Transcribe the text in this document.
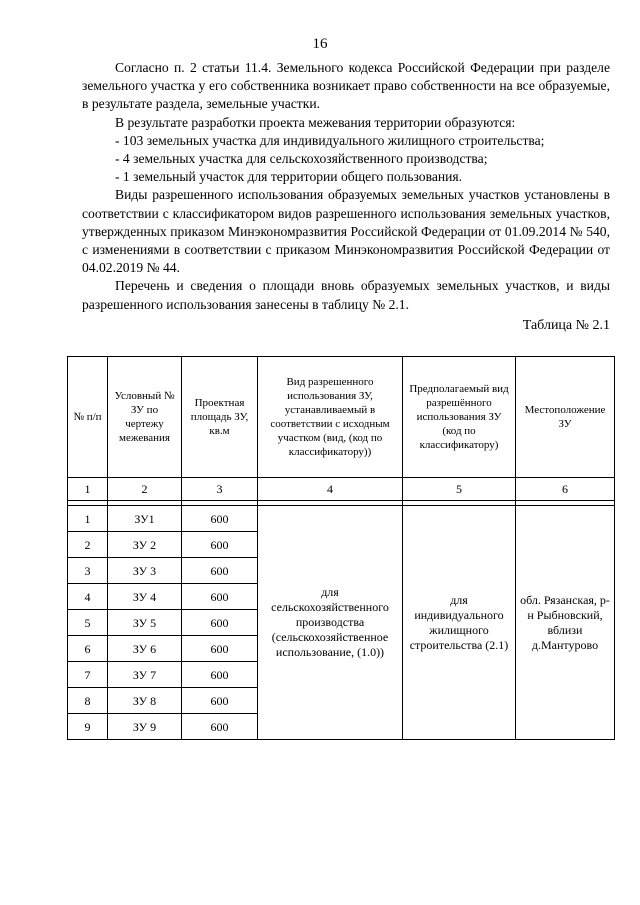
16

Согласно п. 2 статьи 11.4. Земельного кодекса Российской Федерации при разделе земельного участка у его собственника возникает право собственности на все образуемые, в результате раздела, земельные участки.

В результате разработки проекта межевания территории образуются:

- 103 земельных участка для индивидуального жилищного строительства;

- 4 земельных участка для сельскохозяйственного производства;

- 1 земельный участок для территории общего пользования.

Виды разрешенного использования образуемых земельных участков установлены в соответствии с классификатором видов разрешенного использования земельных участков, утвержденных приказом Минэкономразвития Российской Федерации от 01.09.2014 № 540, с изменениями в соответствии с приказом Минэкономразвития Российской Федерации от 04.02.2019 № 44.

Перечень и сведения о площади вновь образуемых земельных участков, и виды разрешенного использования занесены в таблицу № 2.1.

Таблица № 2.1
№ п/п	Условный № ЗУ по чертежу межевания	Проектная площадь ЗУ, кв.м	Вид разрешенного использования ЗУ, устанавливаемый в соответствии с исходным участком (вид, (код по классификатору))	Предполагаемый вид разрешённого использования ЗУ (код по классификатору)	Местоположение ЗУ
1	2	3	4	5	6

1	ЗУ1	600	для сельскохозяйственного производства (сельскохозяйственное использование, (1.0))	для индивидуального жилищного строительства (2.1)	обл. Рязанская, р-н Рыбновский, вблизи д.Мантурово
2	ЗУ 2	600			
3	ЗУ 3	600			
4	ЗУ 4	600			
5	ЗУ 5	600			
6	ЗУ 6	600			
7	ЗУ 7	600			
8	ЗУ 8	600			
9	ЗУ 9	600			
